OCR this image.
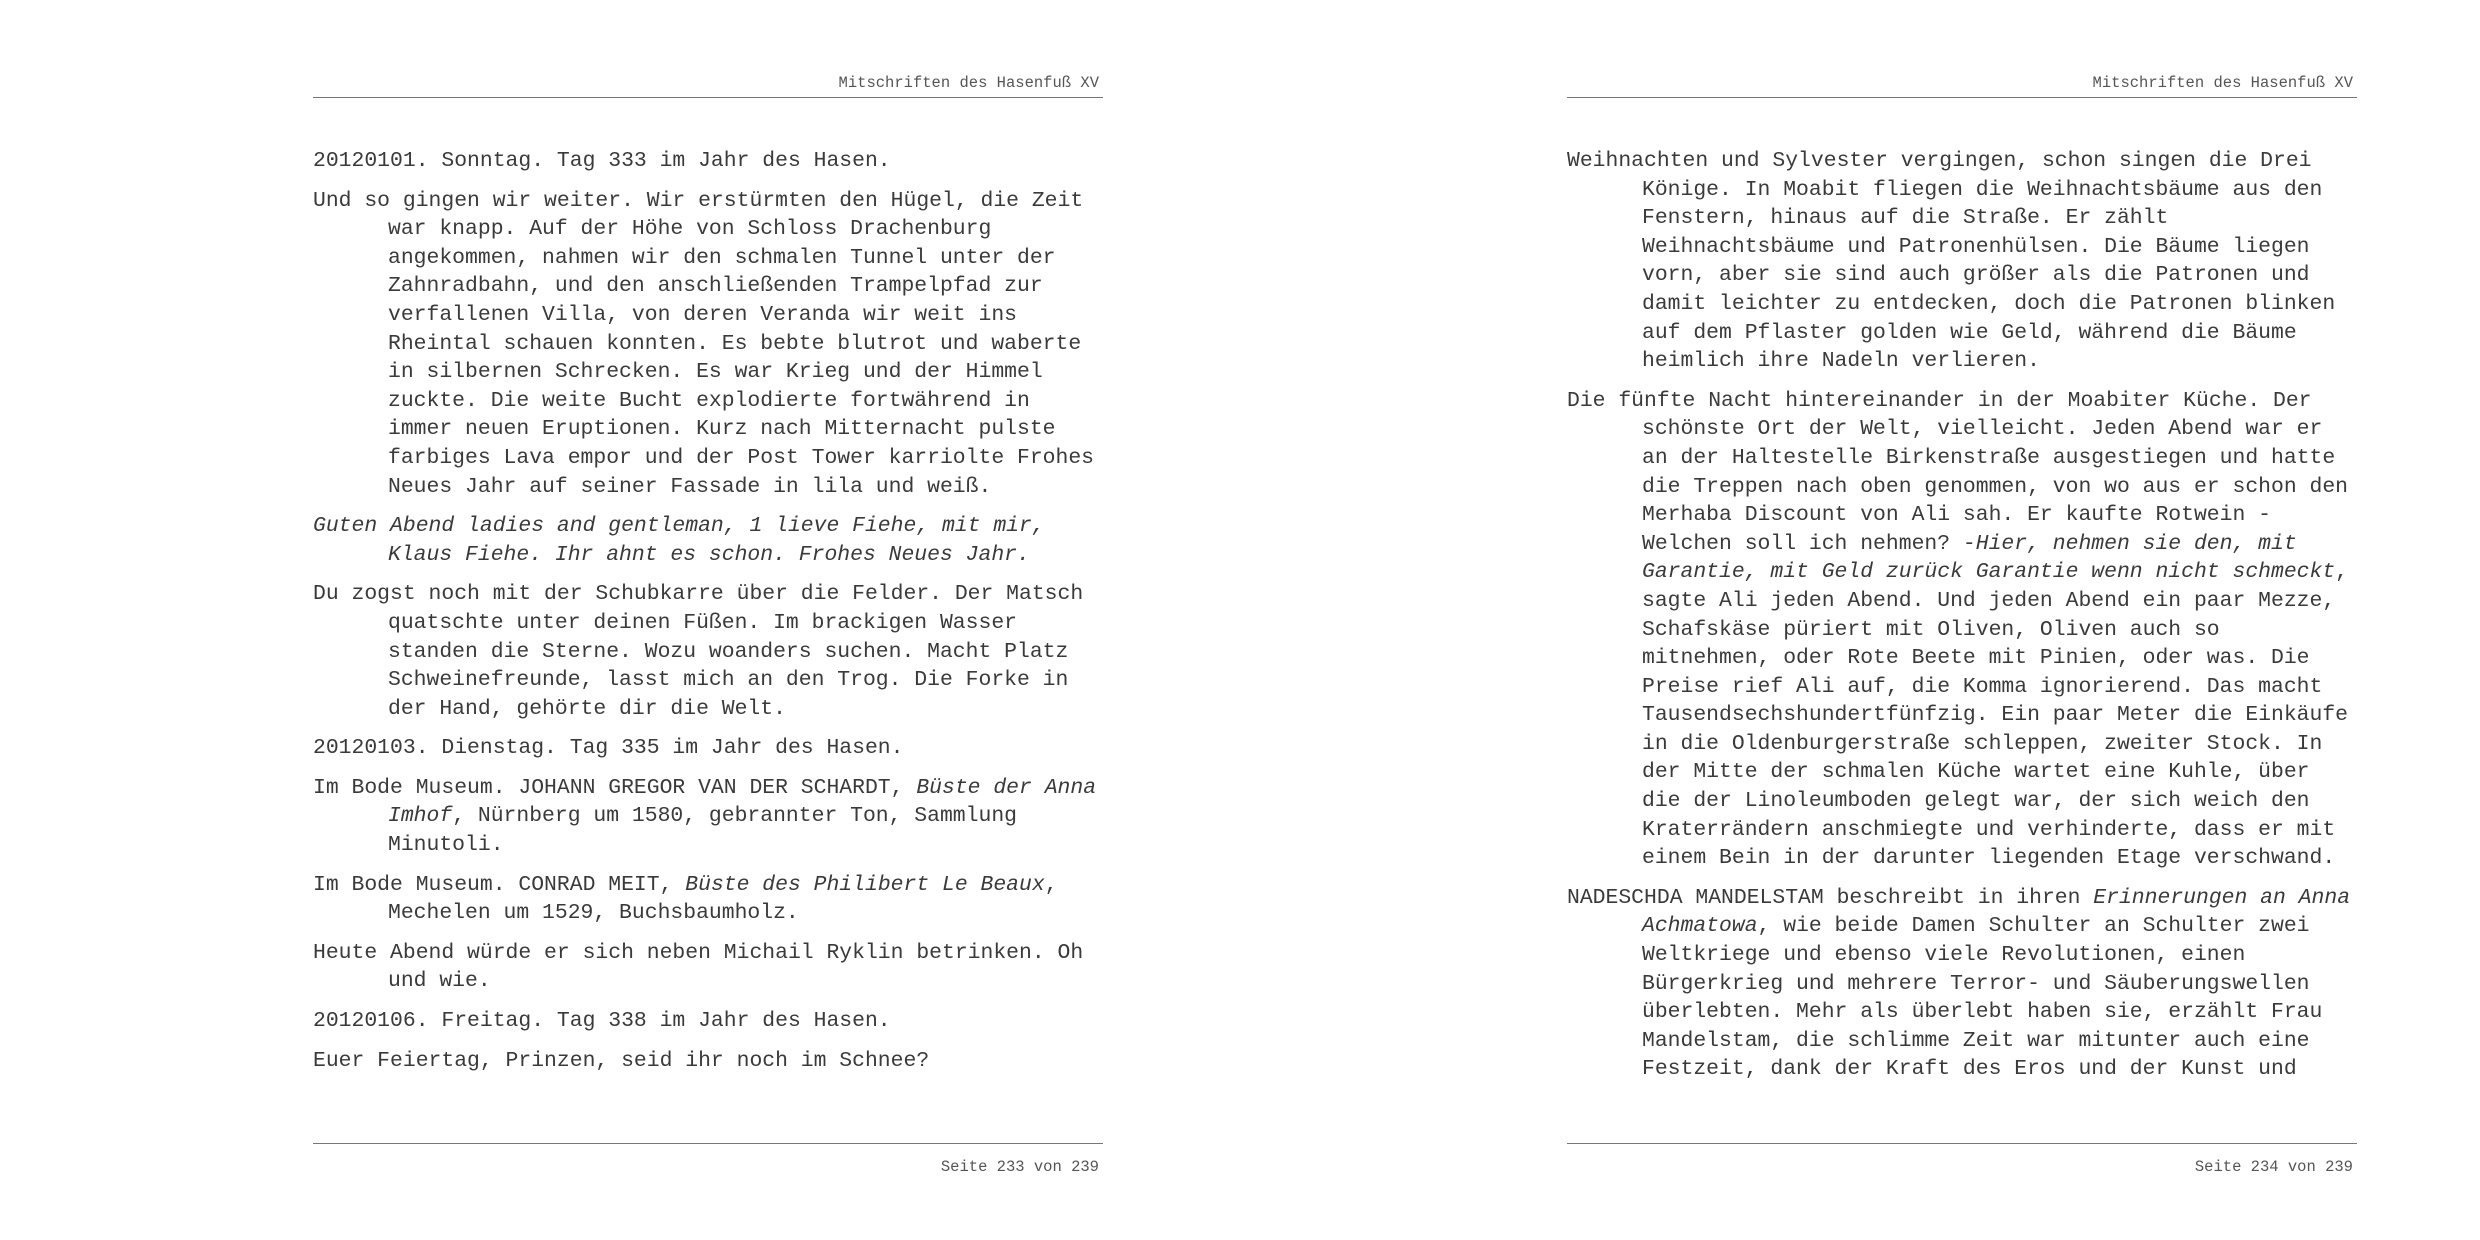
Mitschriften des Hasenfuß XV

20120101. Sonntag. Tag 333 im Jahr des Hasen.

Und so gingen wir weiter. Wir erstürmten den Hügel, die Zeit war knapp. Auf der Höhe von Schloss Drachenburg angekommen, nahmen wir den schmalen Tunnel unter der Zahnradbahn, und den anschließenden Trampelpfad zur verfallenen Villa, von deren Veranda wir weit ins Rheintal schauen konnten. Es bebte blutrot und waberte in silbernen Schrecken. Es war Krieg und der Himmel zuckte. Die weite Bucht explodierte fortwährend in immer neuen Eruptionen. Kurz nach Mitternacht pulste farbiges Lava empor und der Post Tower karriolte Frohes Neues Jahr auf seiner Fassade in lila und weiß.

Guten Abend ladies and gentleman, 1 lieve Fiehe, mit mir, Klaus Fiehe. Ihr ahnt es schon. Frohes Neues Jahr.

Du zogst noch mit der Schubkarre über die Felder. Der Matsch quatschte unter deinen Füßen. Im brackigen Wasser standen die Sterne. Wozu woanders suchen. Macht Platz Schweinefreunde, lasst mich an den Trog. Die Forke in der Hand, gehörte dir die Welt.

20120103. Dienstag. Tag 335 im Jahr des Hasen.

Im Bode Museum. JOHANN GREGOR VAN DER SCHARDT, Büste der Anna Imhof, Nürnberg um 1580, gebrannter Ton, Sammlung Minutoli.

Im Bode Museum. CONRAD MEIT, Büste des Philibert Le Beaux, Mechelen um 1529, Buchsbaumholz.

Heute Abend würde er sich neben Michail Ryklin betrinken. Oh und wie.

20120106. Freitag. Tag 338 im Jahr des Hasen.

Euer Feiertag, Prinzen, seid ihr noch im Schnee?

Seite 233 von 239
Mitschriften des Hasenfuß XV

Weihnachten und Sylvester vergingen, schon singen die Drei Könige. In Moabit fliegen die Weihnachtsbäume aus den Fenstern, hinaus auf die Straße. Er zählt Weihnachtsbäume und Patronenhülsen. Die Bäume liegen vorn, aber sie sind auch größer als die Patronen und damit leichter zu entdecken, doch die Patronen blinken auf dem Pflaster golden wie Geld, während die Bäume heimlich ihre Nadeln verlieren.

Die fünfte Nacht hintereinander in der Moabiter Küche. Der schönste Ort der Welt, vielleicht. Jeden Abend war er an der Haltestelle Birkenstraße ausgestiegen und hatte die Treppen nach oben genommen, von wo aus er schon den Merhaba Discount von Ali sah. Er kaufte Rotwein -Welchen soll ich nehmen? -Hier, nehmen sie den, mit Garantie, mit Geld zurück Garantie wenn nicht schmeckt, sagte Ali jeden Abend. Und jeden Abend ein paar Mezze, Schafskäse püriert mit Oliven, Oliven auch so mitnehmen, oder Rote Beete mit Pinien, oder was. Die Preise rief Ali auf, die Komma ignorierend. Das macht Tausendsechshundertfünfzig. Ein paar Meter die Einkäufe in die Oldenburgerstraße schleppen, zweiter Stock. In der Mitte der schmalen Küche wartet eine Kuhle, über die der Linoleumboden gelegt war, der sich weich den Kraterrändern anschmiegte und verhinderte, dass er mit einem Bein in der darunter liegenden Etage verschwand.

NADESCHDA MANDELSTAM beschreibt in ihren Erinnerungen an Anna Achmatowa, wie beide Damen Schulter an Schulter zwei Weltkriege und ebenso viele Revolutionen, einen Bürgerkrieg und mehrere Terror- und Säuberungswellen überlebten. Mehr als überlebt haben sie, erzählt Frau Mandelstam, die schlimme Zeit war mitunter auch eine Festzeit, dank der Kraft des Eros und der Kunst und

Seite 234 von 239
